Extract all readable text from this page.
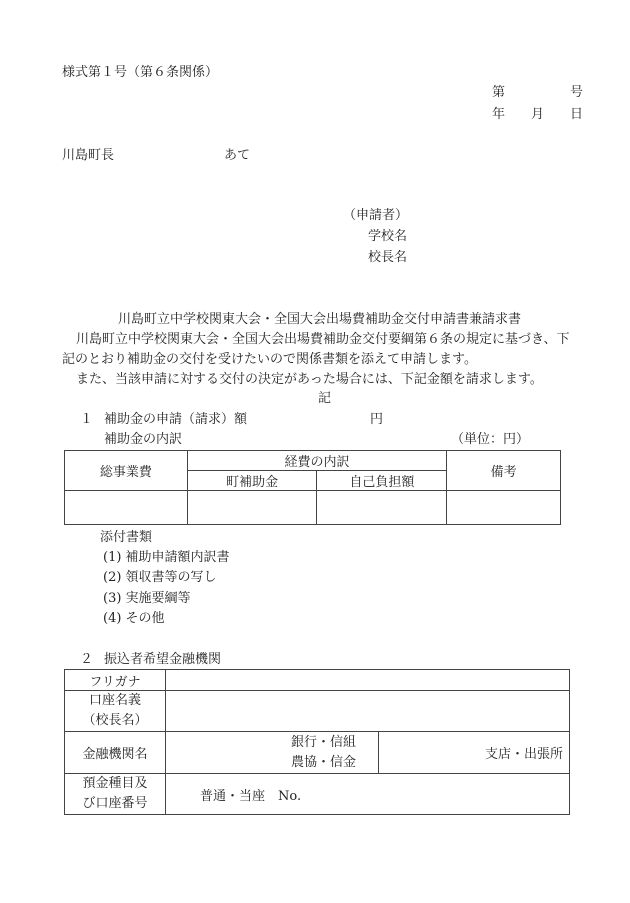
様式第１号（第６条関係）
第	号
年 月 日
川島町長	あて
（申請者）
学校名
校長名
川島町立中学校関東大会・全国大会出場費補助金交付申請書兼請求書
川島町立中学校関東大会・全国大会出場費補助金交付要綱第６条の規定に基づき、下
記のとおり補助金の交付を受けたいので関係書類を添えて申請します。
また、当該申請に対する交付の決定があった場合には、下記金額を請求します。
記
１ 補助金の申請（請求）額	円
補助金の内訳	（単位：円）
総事業費	経費の内訳		備考
	町補助金	自己負担額	

添付書類
(1) 補助申請額内訳書
(2) 領収書等の写し
(3) 実施要綱等
(4) その他
２ 振込者希望金融機関
フリガナ		

口座名義
（校長名）		

金融機関名	銀行・信組
農協・信金	支店・出張所

預金種目及
び口座番号	普通・当座　No.	
